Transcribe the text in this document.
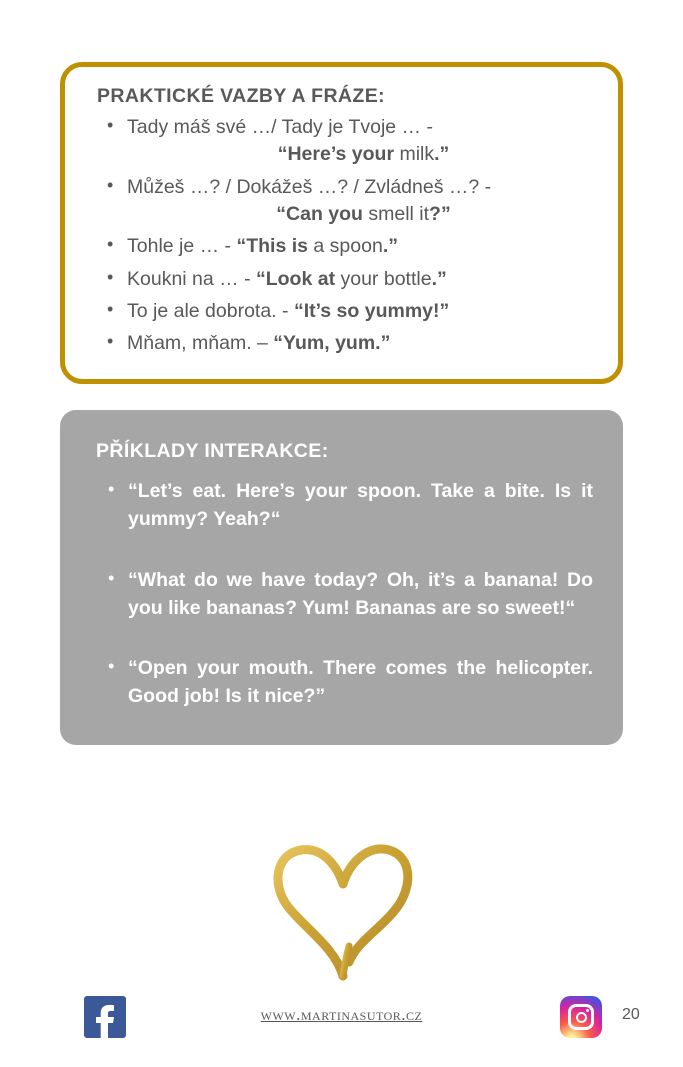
PRAKTICKÉ VAZBY A FRÁZE:
• Tady máš své …/ Tady je Tvoje … -
“Here’s your milk.”
• Můžeš …? / Dokážeš …? / Zvládneš …? -
“Can you smell it?”
• Tohle je … - “This is a spoon.”
• Koukni na … - “Look at your bottle.”
• To je ale dobrota. - “It’s so yummy!”
• Mňam, mňam. – “Yum, yum.”
PŘÍKLADY INTERAKCE:
• “Let’s eat. Here’s your spoon. Take a bite. Is it yummy? Yeah?“
• “What do we have today? Oh, it’s a banana! Do you like bananas? Yum! Bananas are so sweet!“
• “Open your mouth. There comes the helicopter. Good job! Is it nice?”
www.martinasutor.cz	20
